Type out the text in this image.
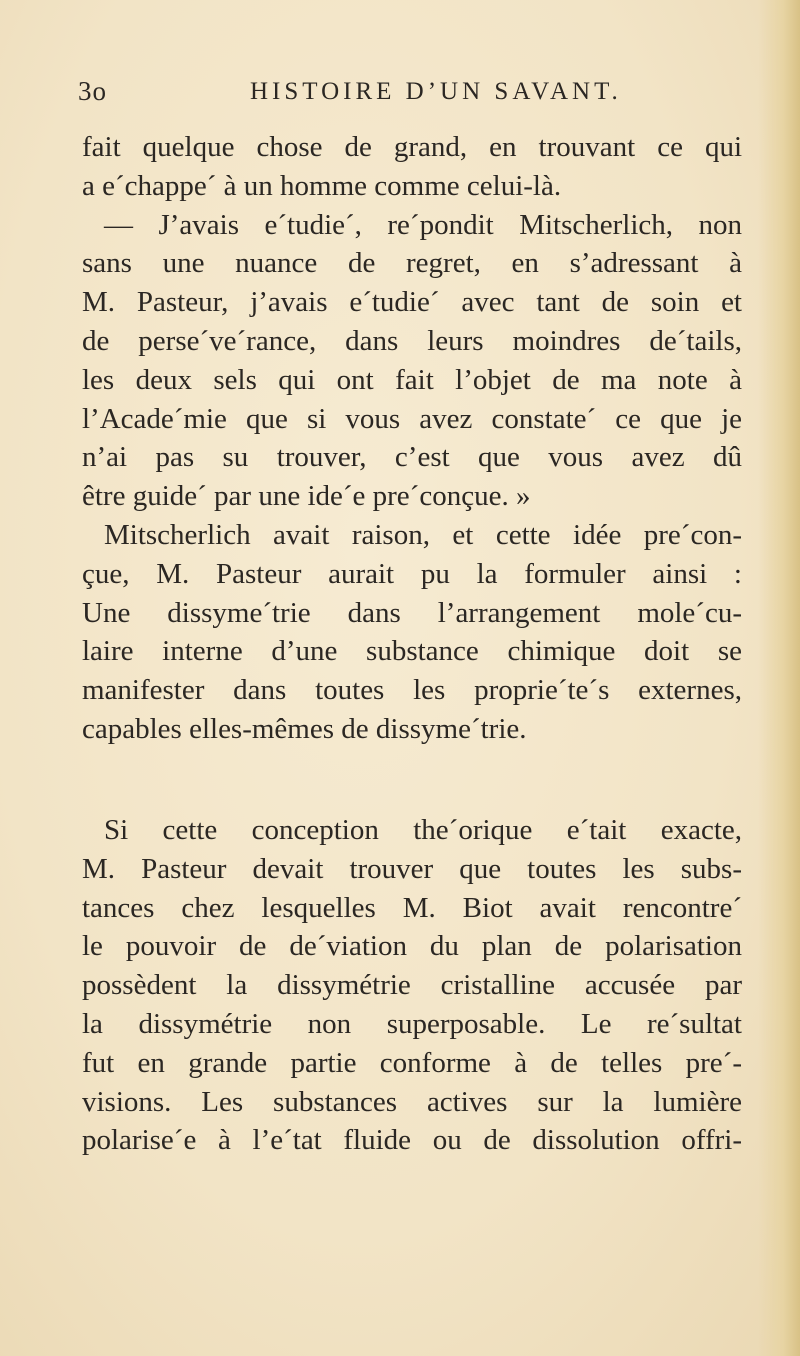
3o	HISTOIRE D’UN SAVANT.
fait quelque chose de grand, en trouvant ce qui
a e´chappe´ à un homme comme celui-là.
— J’avais e´tudie´, re´pondit Mitscherlich, non
sans une nuance de regret, en s’adressant à
M. Pasteur, j’avais e´tudie´ avec tant de soin et
de perse´ve´rance, dans leurs moindres de´tails,
les deux sels qui ont fait l’objet de ma note à
l’Acade´mie que si vous avez constate´ ce que je
n’ai pas su trouver, c’est que vous avez dû
être guide´ par une ide´e pre´conçue. »
Mitscherlich avait raison, et cette idée pre´con-
çue, M. Pasteur aurait pu la formuler ainsi :
Une dissyme´trie dans l’arrangement mole´cu-
laire interne d’une substance chimique doit se
manifester dans toutes les proprie´te´s externes,
capables elles-mêmes de dissyme´trie.
Si cette conception the´orique e´tait exacte,
M. Pasteur devait trouver que toutes les subs-
tances chez lesquelles M. Biot avait rencontre´
le pouvoir de de´viation du plan de polarisation
possèdent la dissymétrie cristalline accusée par
la dissymétrie non superposable. Le re´sultat
fut en grande partie conforme à de telles pre´-
visions. Les substances actives sur la lumière
polarise´e à l’e´tat fluide ou de dissolution offri-
